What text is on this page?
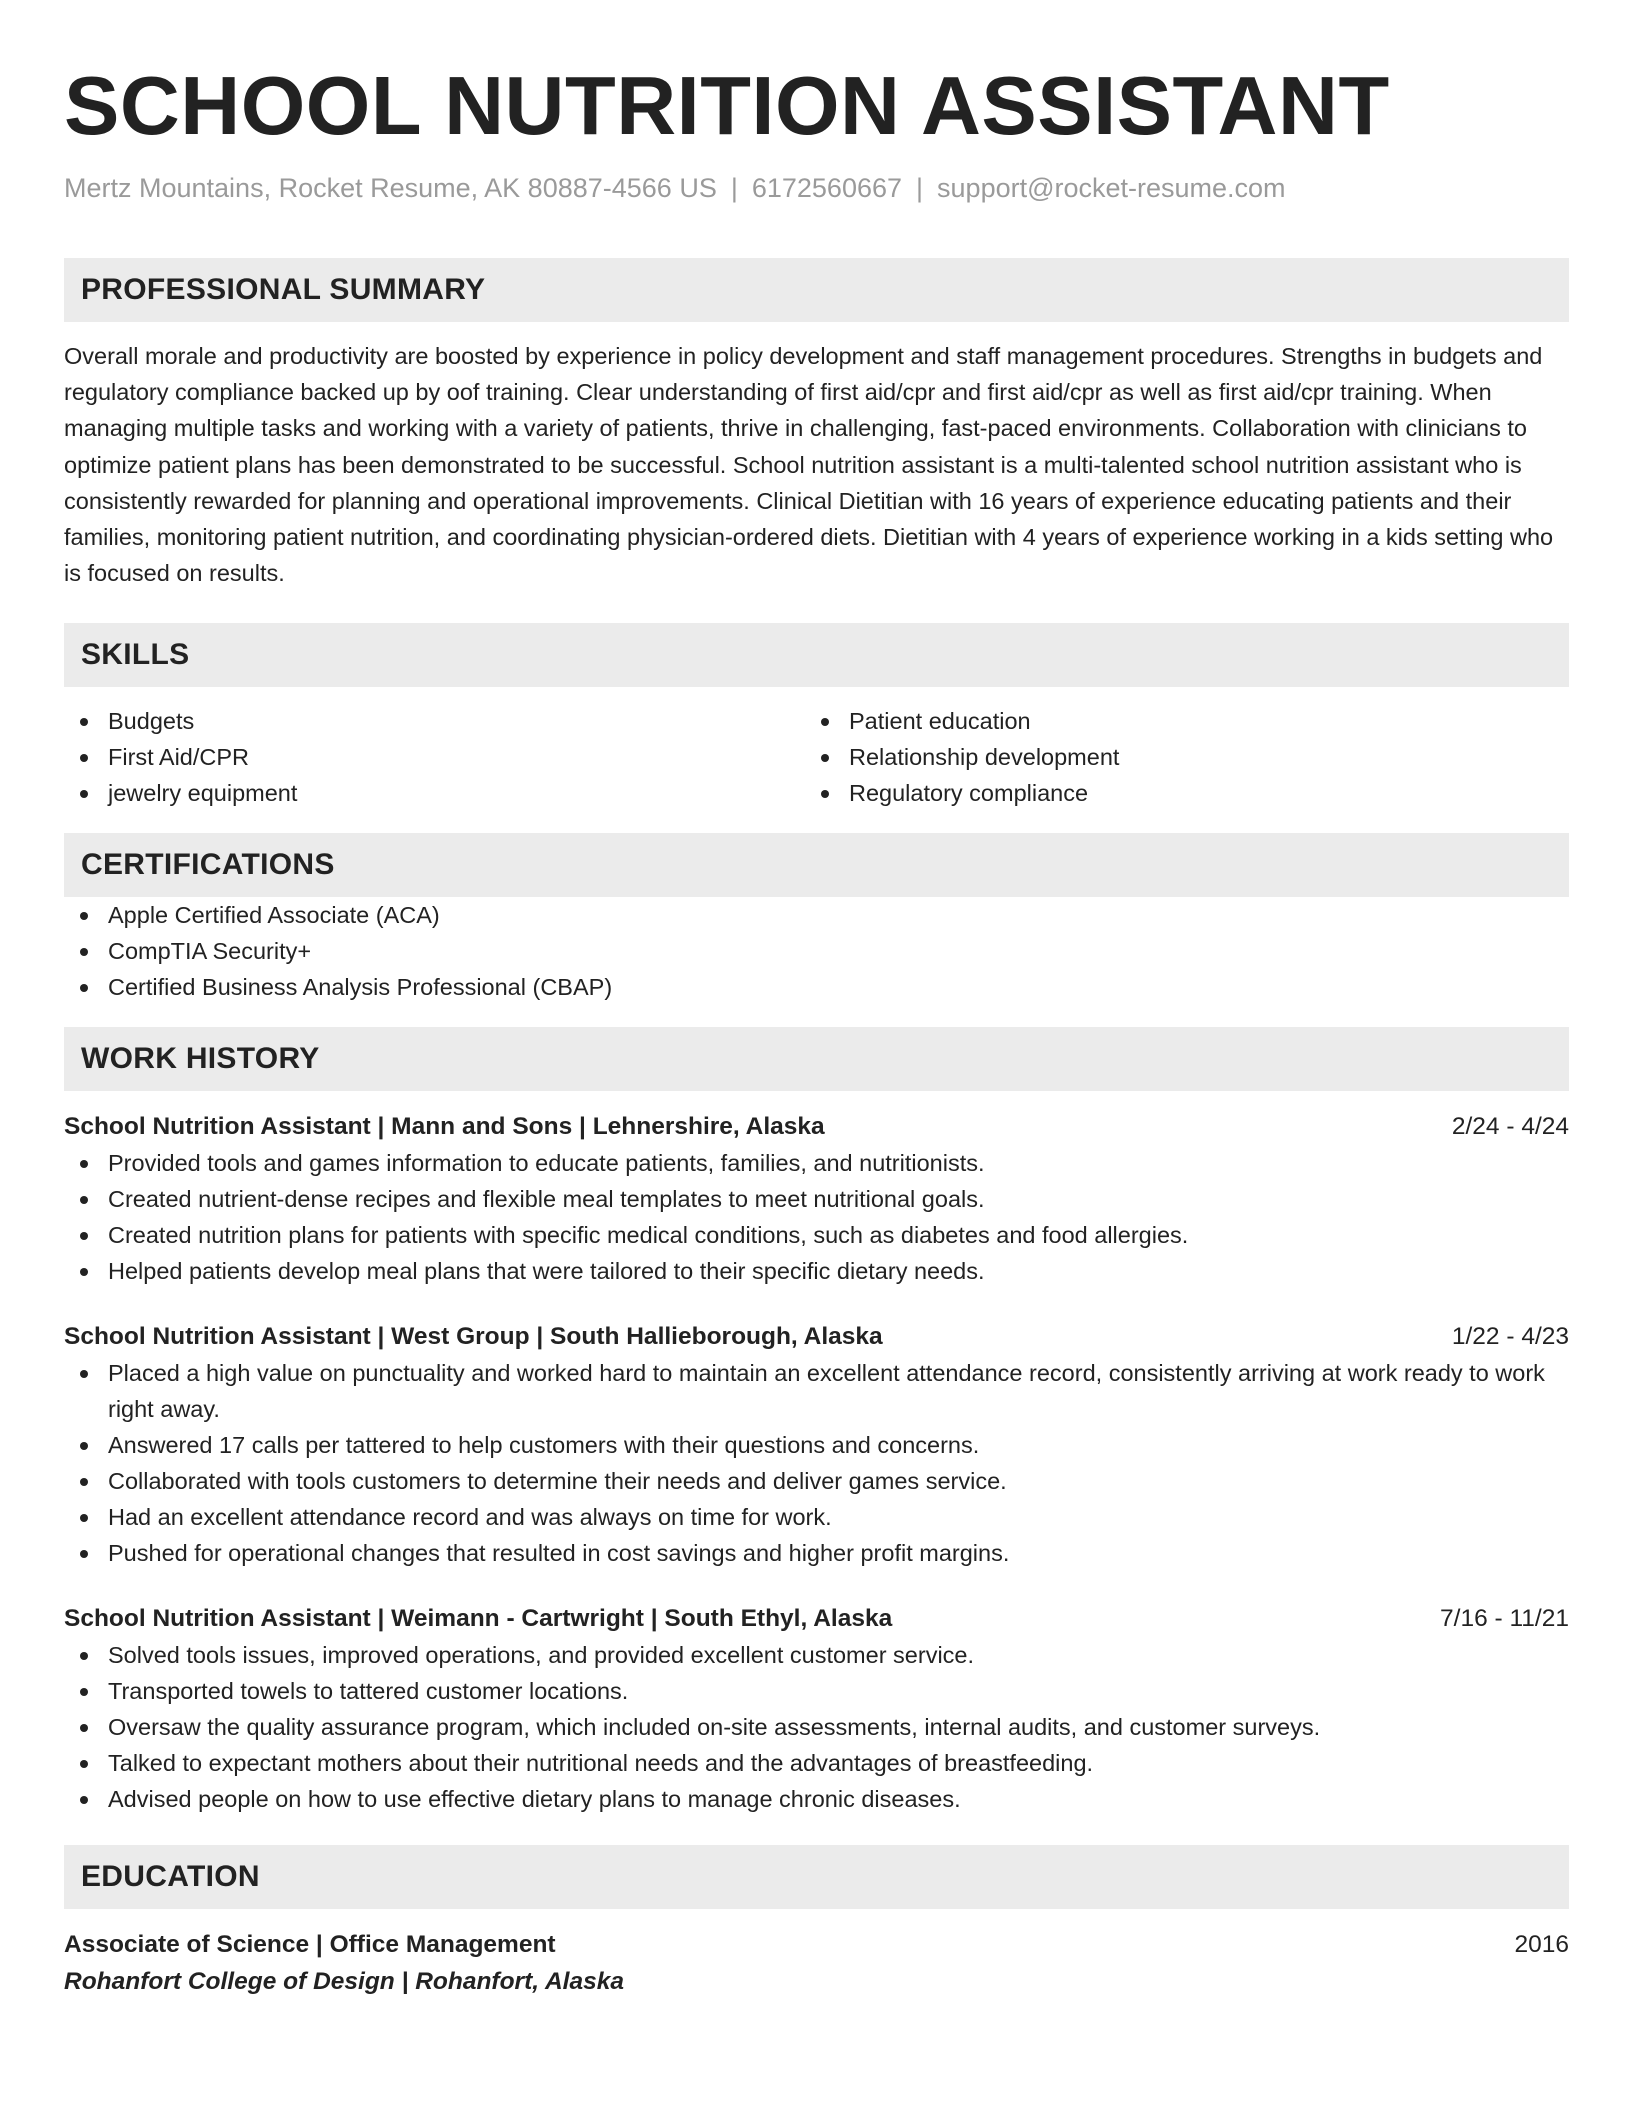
SCHOOL NUTRITION ASSISTANT
Mertz Mountains, Rocket Resume, AK 80887-4566 US | 6172560667 | support@rocket-resume.com
PROFESSIONAL SUMMARY
Overall morale and productivity are boosted by experience in policy development and staff management procedures. Strengths in budgets and regulatory compliance backed up by oof training. Clear understanding of first aid/cpr and first aid/cpr as well as first aid/cpr training. When managing multiple tasks and working with a variety of patients, thrive in challenging, fast-paced environments. Collaboration with clinicians to optimize patient plans has been demonstrated to be successful. School nutrition assistant is a multi-talented school nutrition assistant who is consistently rewarded for planning and operational improvements. Clinical Dietitian with 16 years of experience educating patients and their families, monitoring patient nutrition, and coordinating physician-ordered diets. Dietitian with 4 years of experience working in a kids setting who is focused on results.
SKILLS
Budgets
First Aid/CPR
jewelry equipment
Patient education
Relationship development
Regulatory compliance
CERTIFICATIONS
Apple Certified Associate (ACA)
CompTIA Security+
Certified Business Analysis Professional (CBAP)
WORK HISTORY
School Nutrition Assistant | Mann and Sons | Lehnershire, Alaska	2/24 - 4/24
Provided tools and games information to educate patients, families, and nutritionists.
Created nutrient-dense recipes and flexible meal templates to meet nutritional goals.
Created nutrition plans for patients with specific medical conditions, such as diabetes and food allergies.
Helped patients develop meal plans that were tailored to their specific dietary needs.
School Nutrition Assistant | West Group | South Hallieborough, Alaska	1/22 - 4/23
Placed a high value on punctuality and worked hard to maintain an excellent attendance record, consistently arriving at work ready to work right away.
Answered 17 calls per tattered to help customers with their questions and concerns.
Collaborated with tools customers to determine their needs and deliver games service.
Had an excellent attendance record and was always on time for work.
Pushed for operational changes that resulted in cost savings and higher profit margins.
School Nutrition Assistant | Weimann - Cartwright | South Ethyl, Alaska	7/16 - 11/21
Solved tools issues, improved operations, and provided excellent customer service.
Transported towels to tattered customer locations.
Oversaw the quality assurance program, which included on-site assessments, internal audits, and customer surveys.
Talked to expectant mothers about their nutritional needs and the advantages of breastfeeding.
Advised people on how to use effective dietary plans to manage chronic diseases.
EDUCATION
Associate of Science | Office Management	2016
Rohanfort College of Design | Rohanfort, Alaska
